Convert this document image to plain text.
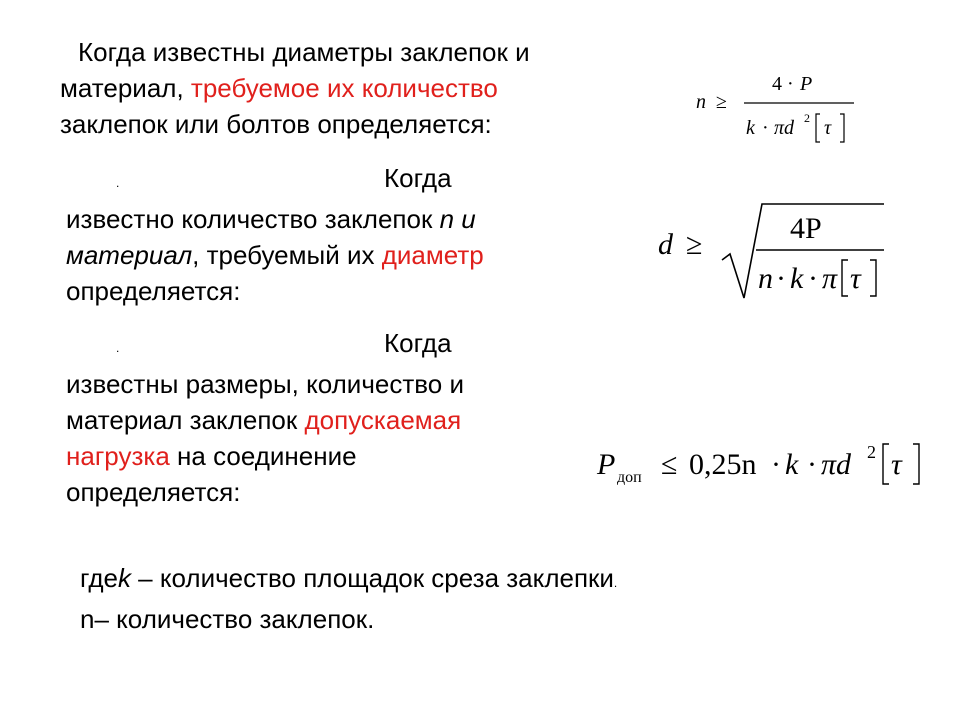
Когда известны диаметры заклепок и
материал, требуемое их количество
заклепок или болтов определяется:
.	Когда
известно количество заклепок n и
материал, требуемый их диаметр
определяется:
.	Когда
известны размеры, количество и
материал заклепок допускаемая
нагрузка на соединение
определяется:
гдеk – количество площадок среза заклепки.
n– количество заклепок.
n ≥
4 · P
k · πd 2 τ
d ≥	4P
n · k · π τ
P доп ≤ 0,25n · k · πd 2 τ
